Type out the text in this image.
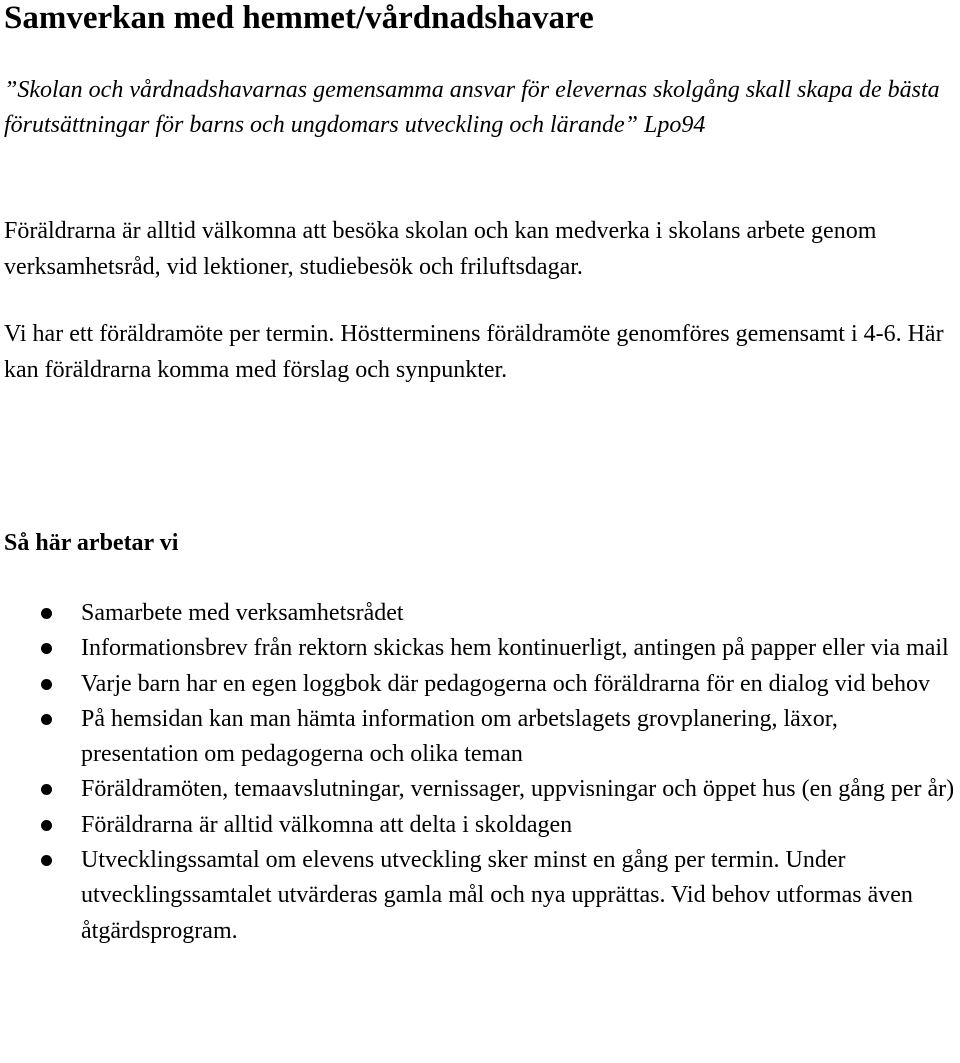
Samverkan med hemmet/vårdnadshavare

”Skolan och vårdnadshavarnas gemensamma ansvar för elevernas skolgång skall skapa de bästa förutsättningar för barns och ungdomars utveckling och lärande” Lpo94

Föräldrarna är alltid välkomna att besöka skolan och kan medverka i skolans arbete genom verksamhetsråd, vid lektioner, studiebesök och friluftsdagar.

Vi har ett föräldramöte per termin. Höstterminens föräldramöte genomföres gemensamt i 4-6. Här kan föräldrarna komma med förslag och synpunkter.

Så här arbetar vi
Samarbete med verksamhetsrådet
Informationsbrev från rektorn skickas hem kontinuerligt, antingen på papper eller via mail
Varje barn har en egen loggbok där pedagogerna och föräldrarna för en dialog vid behov
På hemsidan kan man hämta information om arbetslagets grovplanering, läxor, presentation om pedagogerna och olika teman
Föräldramöten, temaavslutningar, vernissager, uppvisningar och öppet hus (en gång per år)
Föräldrarna är alltid välkomna att delta i skoldagen
Utvecklingssamtal om elevens utveckling sker minst en gång per termin. Under utvecklingssamtalet utvärderas gamla mål och nya upprättas. Vid behov utformas även åtgärdsprogram.
